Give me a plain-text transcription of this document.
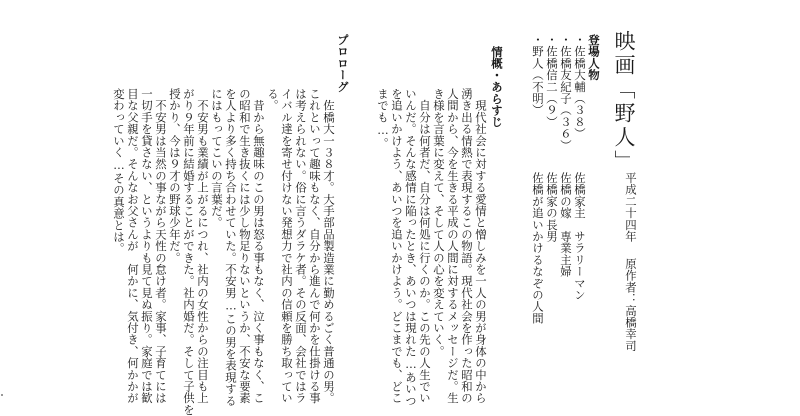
映画「野人」
平成二十四年
原作者：高橋幸司
登場人物
・佐橋大輔（３８）
・佐橋友紀子（３６）
・佐橋信二（９）
・野人（不明）
佐橋家主　サラリーマン
佐橋の嫁　専業主婦
佐橋家の長男
佐橋が追いかけるなぞの人間
情概・あらすじ
　現代社会に対する愛情と憎しみを一人の男が身体の中から
湧き出る情熱で表現するこの物語。現代社会を作った昭和の
人間から、今を生きる平成の人間に対するメッセージだ。生
き様を言葉に変えて、そして人の心を変えていく。
　自分は何者だ、自分は何処に行くのか。この先の人生でい
いんだ。そんな感情に陥ったとき、あいつは現れた…あいつ
を追いかけよう、あいつを追いかけよう。どこまでも、どこ
までも…。
プロローグ
　佐橋大一３８才。大手部品製造業に勤めるごく普通の男。
これといって趣味もなく、自分から進んで何かを仕掛ける事
は考えられない。俗に言うダラケ者。その反面、会社ではラ
イバル達を寄せ付けない発想力で社内の信頼を勝ち取ってい
る。
　昔から無趣味のこの男は怒る事もなく、泣く事もなく、こ
の昭和で生き抜くには少し物足りないというか、不安な要素
を人より多く持ち合わせていた。不安男…この男を表現する
にはもってこいの言葉だ。
　不安男も業績が上がるにつれ、社内の女性からの注目も上
がり９年前に結婚することができた。社内婚だ。そして子供を
授かり、今は９才の野球少年だ。
　不安男は当然の事ながら天性の怠け者。家事、子育てには
一切手を貸さない、というよりも見て見ぬ振り。家庭では歓
目な父親だ。そんなお父さんが　何かに、気付き、何かかが
変わっていく…その真意とは。
